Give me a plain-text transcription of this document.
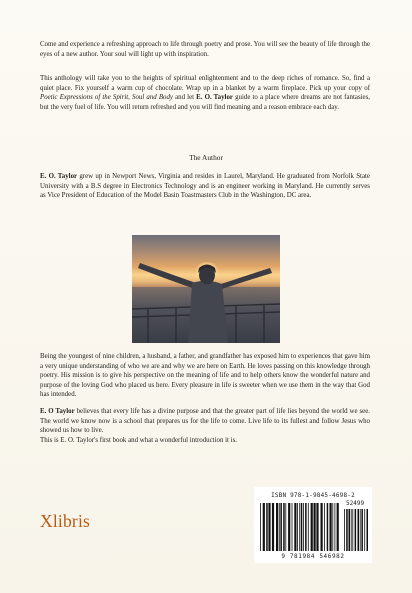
Come and experience a refreshing approach to life through poetry and prose. You will see the beauty of life through the eyes of a new author. Your soul will light up with inspiration.

This anthology will take you to the heights of spiritual enlightenment and to the deep riches of romance. So, find a quiet place. Fix yourself a warm cup of chocolate. Wrap up in a blanket by a warm fireplace. Pick up your copy of Poetic Expressions of the Spirit, Soul and Body and let E. O. Taylor guide to a place where dreams are not fantasies, but the very fuel of life. You will return refreshed and you will find meaning and a reason embrace each day.

The Author

E. O. Taylor grew up in Newport News, Virginia and resides in Laurel, Maryland. He graduated from Norfolk State University with a B.S degree in Electronics Technology and is an engineer working in Maryland. He currently serves as Vice President of Education of the Model Basin Toastmasters Club in the Washington, DC area.

Being the youngest of nine children, a husband, a father, and grandfather has exposed him to experiences that gave him a very unique understanding of who we are and why we are here on Earth. He loves passing on this knowledge through poetry. His mission is to give his perspective on the meaning of life and to help others know the wonderful nature and purpose of the loving God who placed us here. Every pleasure in life is sweeter when we use them in the way that God has intended.

E. O Taylor believes that every life has a divine purpose and that the greater part of life lies beyond the world we see. The world we know now is a school that prepares us for the life to come. Live life to its fullest and follow Jesus who showed us how to live.
This is E. O. Taylor's first book and what a wonderful introduction it is.

Xlibris
ISBN 978-1-9845-4698-2
52499
9 781984 546982
